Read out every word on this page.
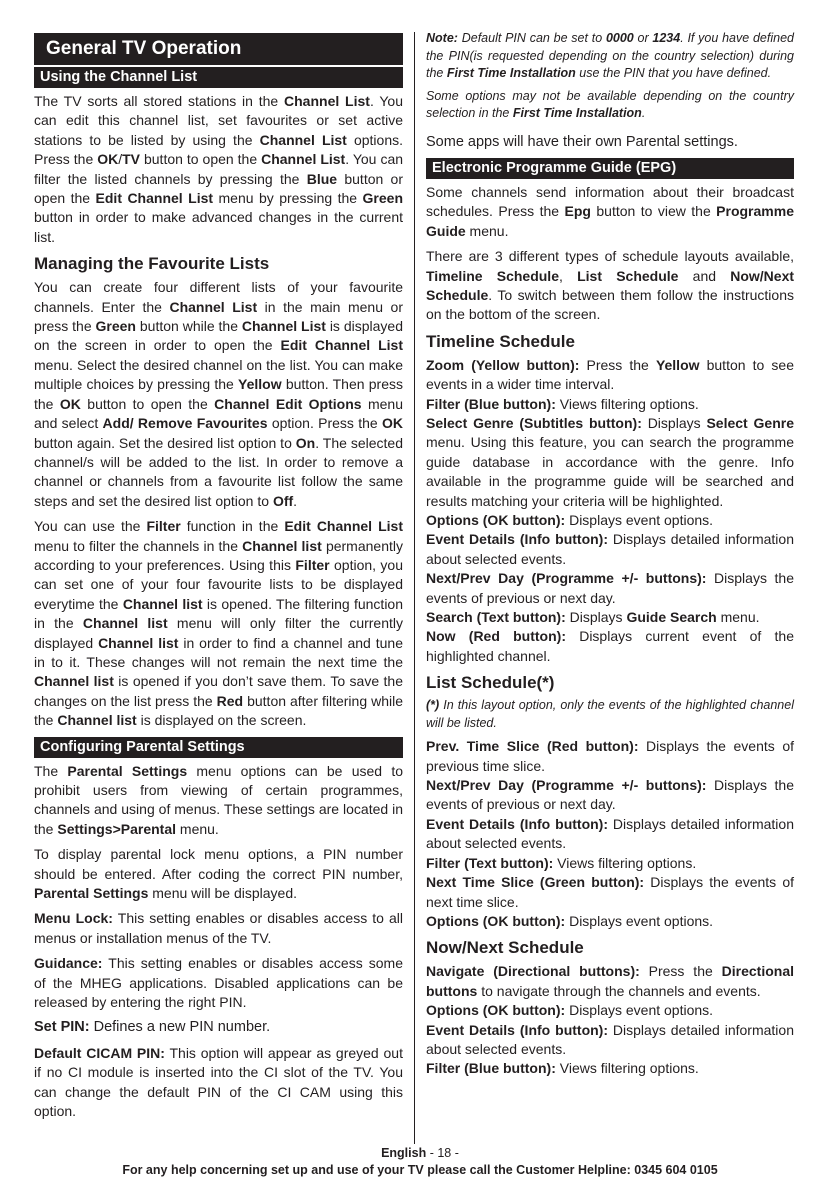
General TV Operation
Using the Channel List

The TV sorts all stored stations in the Channel List. You can edit this channel list, set favourites or set active stations to be listed by using the Channel List options. Press the OK/TV button to open the Channel List. You can filter the listed channels by pressing the Blue button or open the Edit Channel List menu by pressing the Green button in order to make advanced changes in the current list.

Managing the Favourite Lists

You can create four different lists of your favourite channels. Enter the Channel List in the main menu or press the Green button while the Channel List is displayed on the screen in order to open the Edit Channel List menu. Select the desired channel on the list. You can make multiple choices by pressing the Yellow button. Then press the OK button to open the Channel Edit Options menu and select Add/ Remove Favourites option. Press the OK button again. Set the desired list option to On. The selected channel/s will be added to the list. In order to remove a channel or channels from a favourite list follow the same steps and set the desired list option to Off.

You can use the Filter function in the Edit Channel List menu to filter the channels in the Channel list permanently according to your preferences. Using this Filter option, you can set one of your four favourite lists to be displayed everytime the Channel list is opened. The filtering function in the Channel list menu will only filter the currently displayed Channel list in order to find a channel and tune in to it. These changes will not remain the next time the Channel list is opened if you don’t save them. To save the changes on the list press the Red button after filtering while the Channel list is displayed on the screen.

Configuring Parental Settings

The Parental Settings menu options can be used to prohibit users from viewing of certain programmes, channels and using of menus. These settings are located in the Settings>Parental menu.

To display parental lock menu options, a PIN number should be entered. After coding the correct PIN number, Parental Settings menu will be displayed.

Menu Lock: This setting enables or disables access to all menus or installation menus of the TV.

Guidance: This setting enables or disables access some of the MHEG applications. Disabled applications can be released by entering the right PIN.

Set PIN: Defines a new PIN number.

Default CICAM PIN: This option will appear as greyed out if no CI module is inserted into the CI slot of the TV. You can change the default PIN of the CI CAM using this option.

Note: Default PIN can be set to 0000 or 1234. If you have defined the PIN(is requested depending on the country selection) during the First Time Installation use the PIN that you have defined.

Some options may not be available depending on the country selection in the First Time Installation.

Some apps will have their own Parental settings.

Electronic Programme Guide (EPG)

Some channels send information about their broadcast schedules. Press the Epg button to view the Programme Guide menu.

There are 3 different types of schedule layouts available, Timeline Schedule, List Schedule and Now/Next Schedule. To switch between them follow the instructions on the bottom of the screen.

Timeline Schedule

Zoom (Yellow button): Press the Yellow button to see events in a wider time interval.

Filter (Blue button): Views filtering options.

Select Genre (Subtitles button): Displays Select Genre menu. Using this feature, you can search the programme guide database in accordance with the genre. Info available in the programme guide will be searched and results matching your criteria will be highlighted.

Options (OK button): Displays event options.

Event Details (Info button): Displays detailed information about selected events.

Next/Prev Day (Programme +/- buttons): Displays the events of previous or next day.

Search (Text button): Displays Guide Search menu.

Now (Red button): Displays current event of the highlighted channel.

List Schedule(*)

(*) In this layout option, only the events of the highlighted channel will be listed.

Prev. Time Slice (Red button): Displays the events of previous time slice.

Next/Prev Day (Programme +/- buttons): Displays the events of previous or next day.

Event Details (Info button): Displays detailed information about selected events.

Filter (Text button): Views filtering options.

Next Time Slice (Green button): Displays the events of next time slice.

Options (OK button): Displays event options.

Now/Next Schedule

Navigate (Directional buttons): Press the Directional buttons to navigate through the channels and events.

Options (OK button): Displays event options.

Event Details (Info button): Displays detailed information about selected events.

Filter (Blue button): Views filtering options.

English - 18 -
For any help concerning set up and use of your TV please call the Customer Helpline: 0345 604 0105
